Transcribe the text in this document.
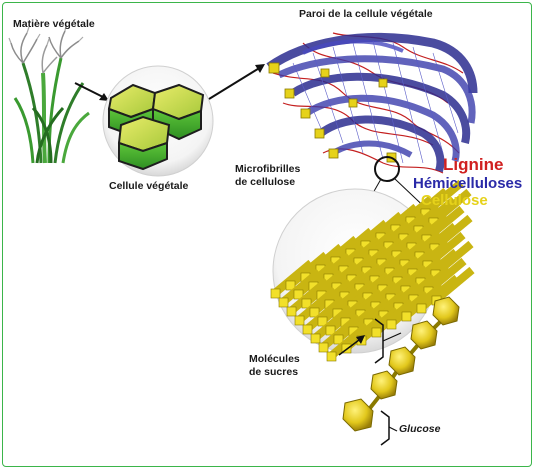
Matière végétale
Cellule végétale
Paroi de la cellule végétale
Microfibrilles
de cellulose
Molécules
de sucres
Glucose
Lignine
Hémicelluloses
Cellulose
